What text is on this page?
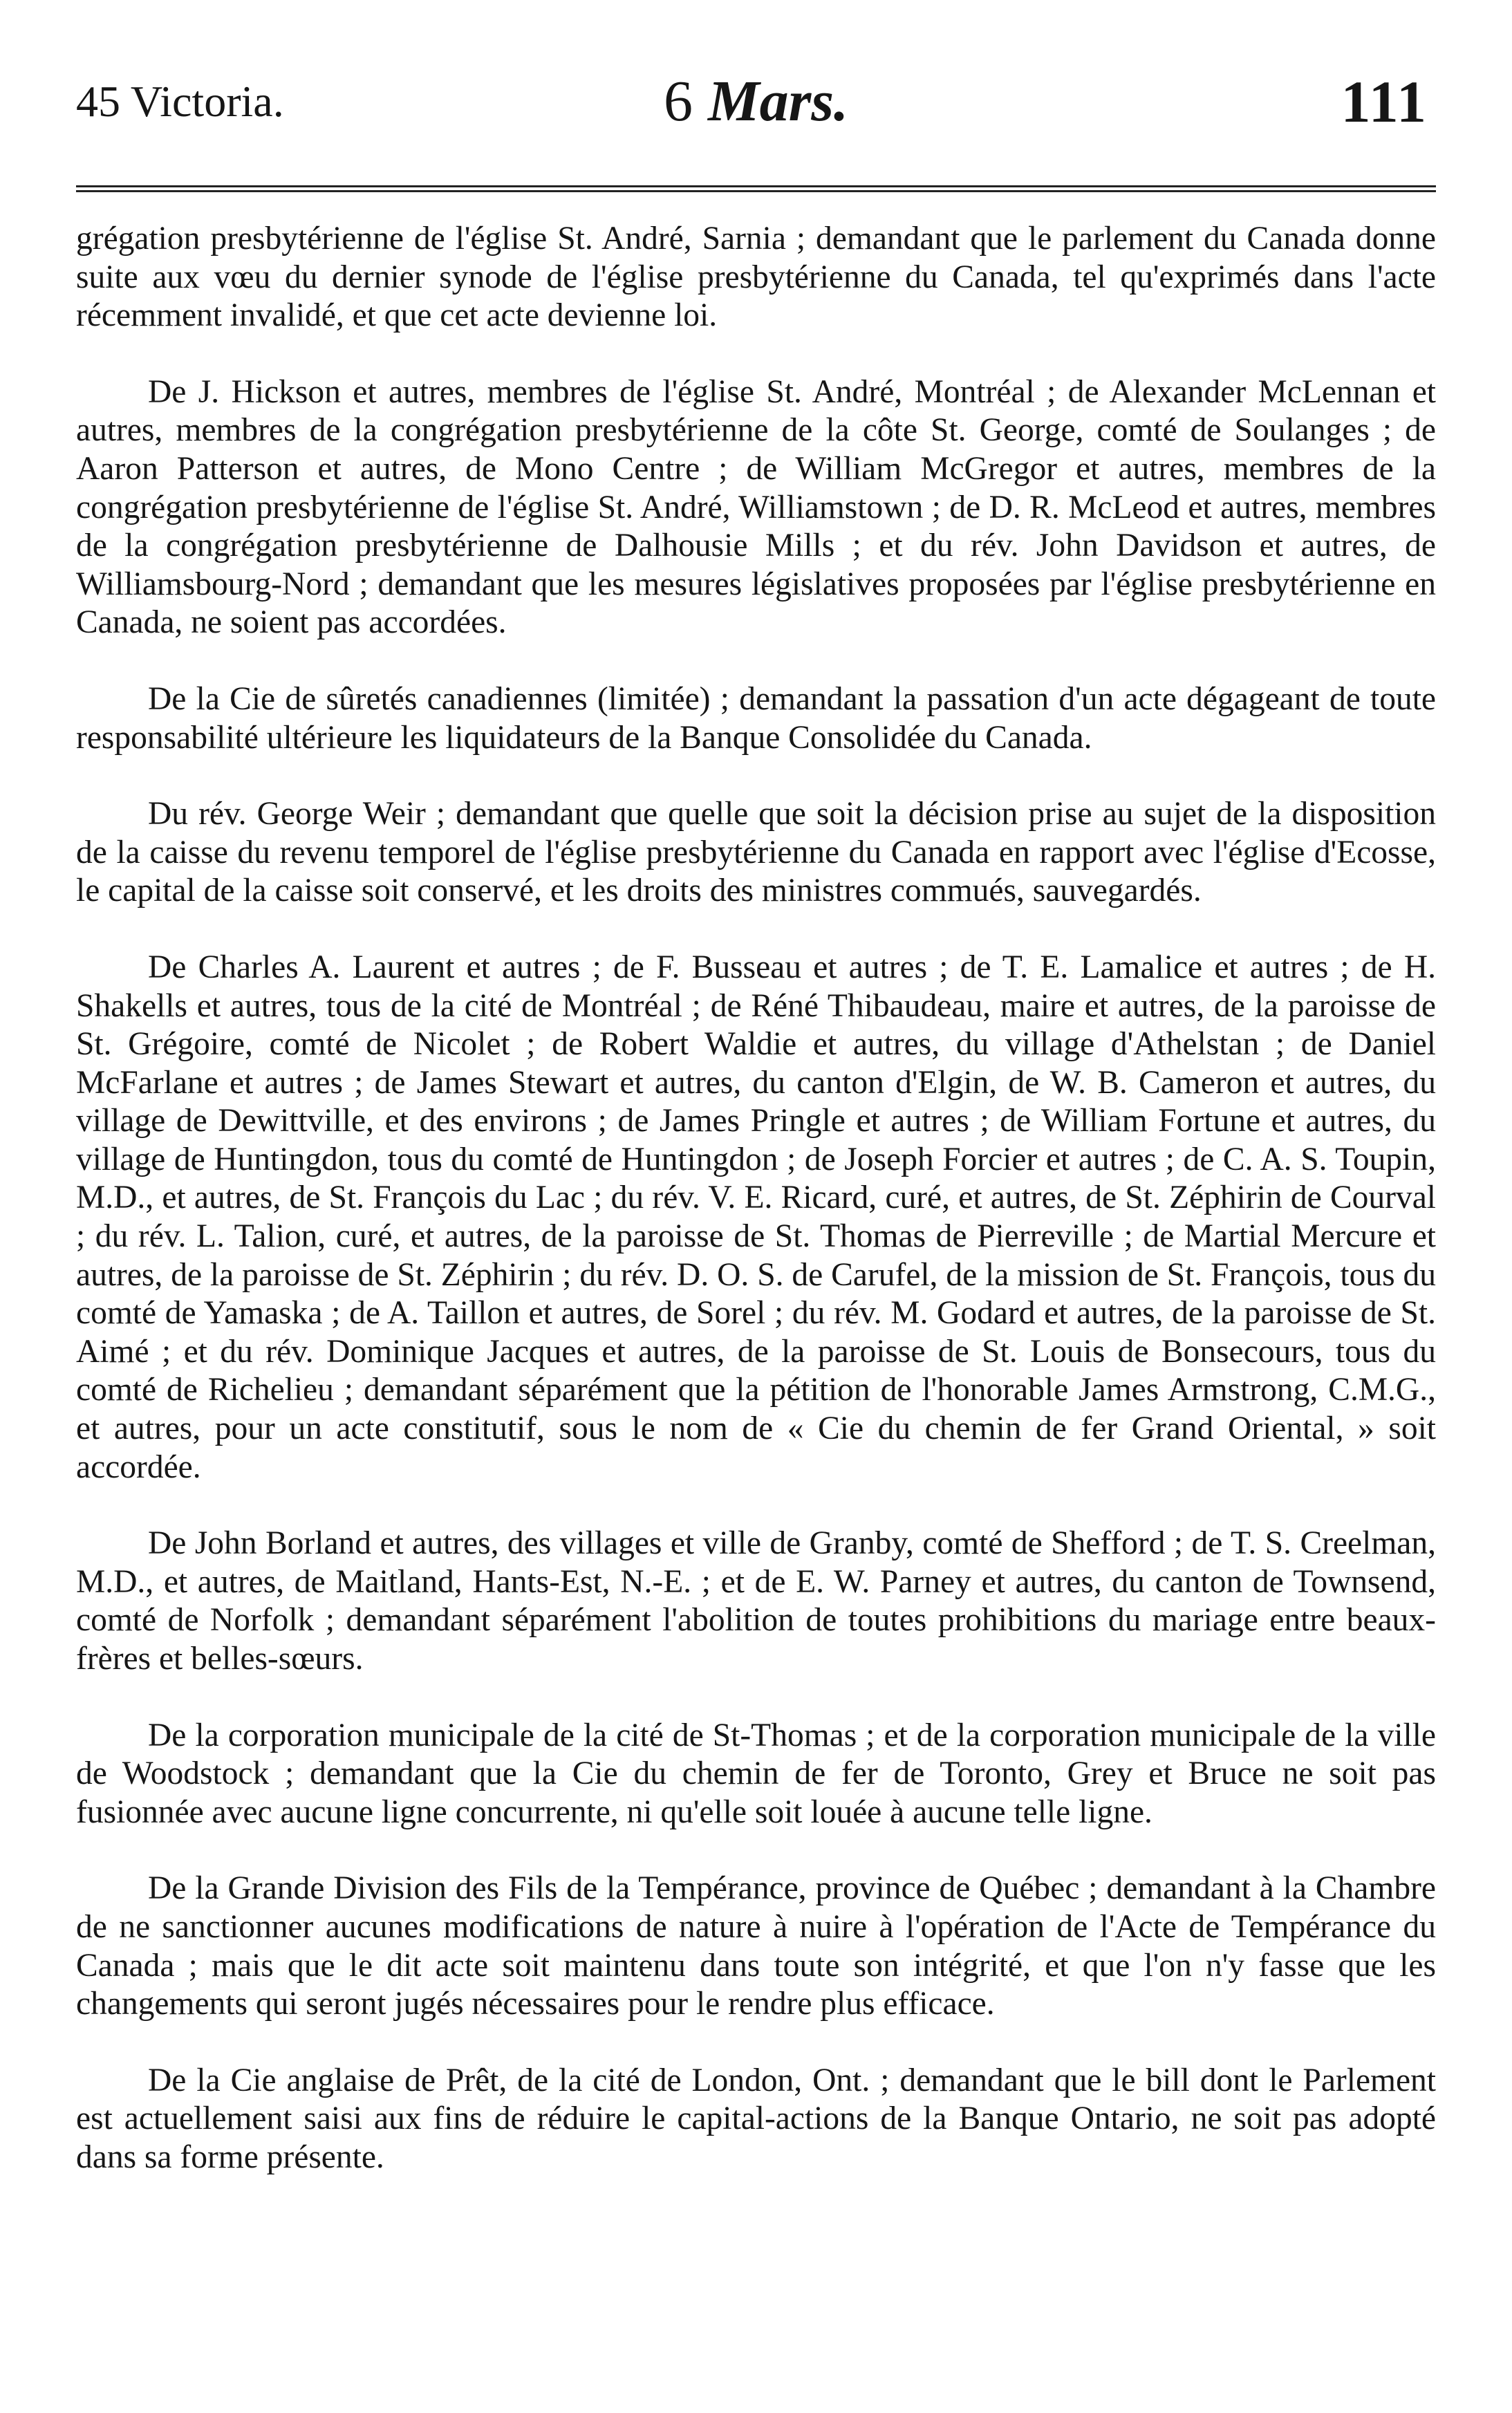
45 Victoria.	6 Mars.	111

grégation presbytérienne de l'église St. André, Sarnia ; demandant que le parlement du Canada donne suite aux vœu du dernier synode de l'église presbytérienne du Canada, tel qu'exprimés dans l'acte récemment invalidé, et que cet acte devienne loi.

De J. Hickson et autres, membres de l'église St. André, Montréal ; de Alexander McLennan et autres, membres de la congrégation presbytérienne de la côte St. George, comté de Soulanges ; de Aaron Patterson et autres, de Mono Centre ; de William McGregor et autres, membres de la congrégation presbytérienne de l'église St. André, Williamstown ; de D. R. McLeod et autres, membres de la congrégation presbytérienne de Dalhousie Mills ; et du rév. John Davidson et autres, de Williamsbourg-Nord ; demandant que les mesures législatives proposées par l'église presbytérienne en Canada, ne soient pas accordées.

De la Cie de sûretés canadiennes (limitée) ; demandant la passation d'un acte dégageant de toute responsabilité ultérieure les liquidateurs de la Banque Consolidée du Canada.

Du rév. George Weir ; demandant que quelle que soit la décision prise au sujet de la disposition de la caisse du revenu temporel de l'église presbytérienne du Canada en rapport avec l'église d'Ecosse, le capital de la caisse soit conservé, et les droits des ministres commués, sauvegardés.

De Charles A. Laurent et autres ; de F. Busseau et autres ; de T. E. Lamalice et autres ; de H. Shakells et autres, tous de la cité de Montréal ; de Réné Thibaudeau, maire et autres, de la paroisse de St. Grégoire, comté de Nicolet ; de Robert Waldie et autres, du village d'Athelstan ; de Daniel McFarlane et autres ; de James Stewart et autres, du canton d'Elgin, de W. B. Cameron et autres, du village de Dewittville, et des environs ; de James Pringle et autres ; de William Fortune et autres, du village de Huntingdon, tous du comté de Huntingdon ; de Joseph Forcier et autres ; de C. A. S. Toupin, M.D., et autres, de St. François du Lac ; du rév. V. E. Ricard, curé, et autres, de St. Zéphirin de Courval ; du rév. L. Talion, curé, et autres, de la paroisse de St. Thomas de Pierreville ; de Martial Mercure et autres, de la paroisse de St. Zéphirin ; du rév. D. O. S. de Carufel, de la mission de St. François, tous du comté de Yamaska ; de A. Taillon et autres, de Sorel ; du rév. M. Godard et autres, de la paroisse de St. Aimé ; et du rév. Dominique Jacques et autres, de la paroisse de St. Louis de Bonsecours, tous du comté de Richelieu ; demandant séparément que la pétition de l'honorable James Armstrong, C.M.G., et autres, pour un acte constitutif, sous le nom de « Cie du chemin de fer Grand Oriental, » soit accordée.

De John Borland et autres, des villages et ville de Granby, comté de Shefford ; de T. S. Creelman, M.D., et autres, de Maitland, Hants-Est, N.-E. ; et de E. W. Parney et autres, du canton de Townsend, comté de Norfolk ; demandant séparément l'abolition de toutes prohibitions du mariage entre beaux-frères et belles-sœurs.

De la corporation municipale de la cité de St-Thomas ; et de la corporation municipale de la ville de Woodstock ; demandant que la Cie du chemin de fer de Toronto, Grey et Bruce ne soit pas fusionnée avec aucune ligne concurrente, ni qu'elle soit louée à aucune telle ligne.

De la Grande Division des Fils de la Tempérance, province de Québec ; demandant à la Chambre de ne sanctionner aucunes modifications de nature à nuire à l'opération de l'Acte de Tempérance du Canada ; mais que le dit acte soit maintenu dans toute son intégrité, et que l'on n'y fasse que les changements qui seront jugés nécessaires pour le rendre plus efficace.

De la Cie anglaise de Prêt, de la cité de London, Ont. ; demandant que le bill dont le Parlement est actuellement saisi aux fins de réduire le capital-actions de la Banque Ontario, ne soit pas adopté dans sa forme présente.
